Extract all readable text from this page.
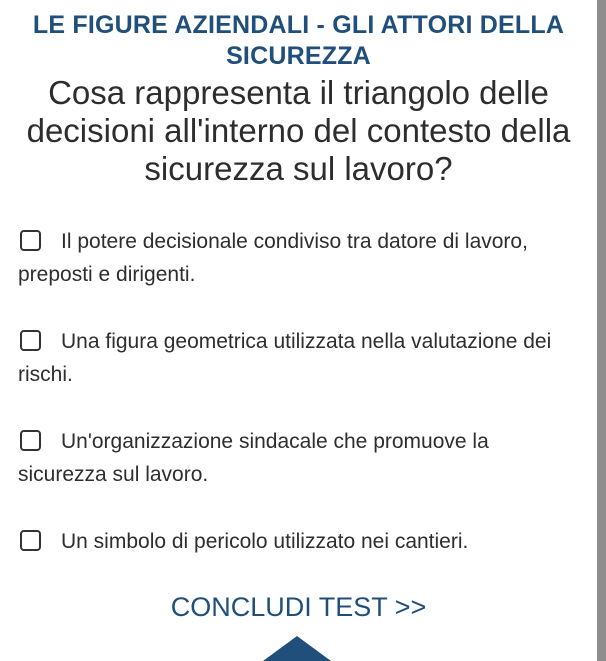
LE FIGURE AZIENDALI - GLI ATTORI DELLA SICUREZZA
Cosa rappresenta il triangolo delle decisioni all'interno del contesto della sicurezza sul lavoro?
Il potere decisionale condiviso tra datore di lavoro, preposti e dirigenti.
Una figura geometrica utilizzata nella valutazione dei rischi.
Un'organizzazione sindacale che promuove la sicurezza sul lavoro.
Un simbolo di pericolo utilizzato nei cantieri.
CONCLUDI TEST >>
